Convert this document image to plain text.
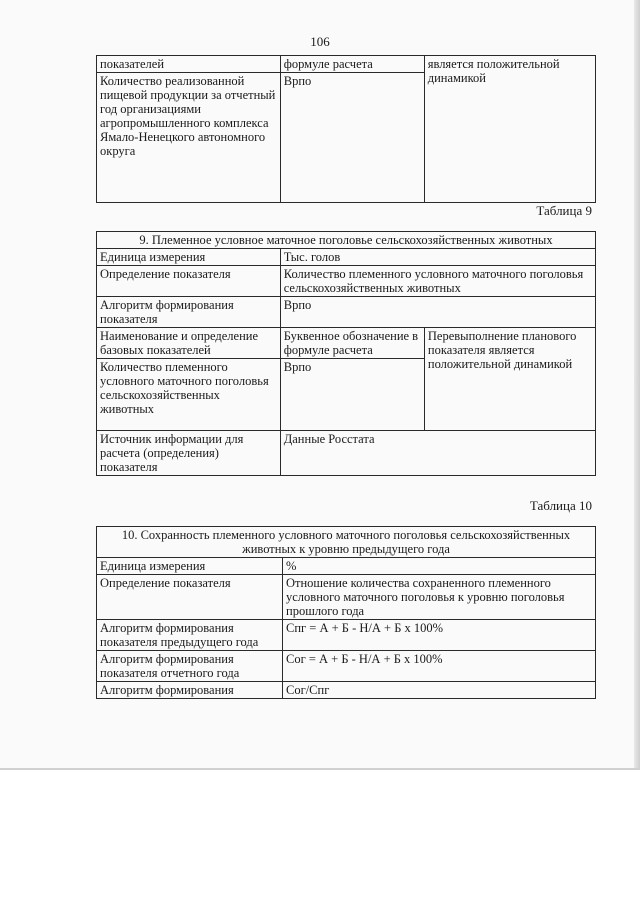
106
показателей	формуле расчета	является положительной
динамикой
Количество реализованной пищевой продукции за отчетный год организациями агропромышленного комплекса Ямало-Ненецкого автономного округа	Врпо	
Таблица 9
9. Племенное условное маточное поголовье сельскохозяйственных животных		
Единица измерения	Тыс. голов	
Определение показателя	Количество племенного условного маточного поголовья сельскохозяйственных животных	
Алгоритм формирования показателя	Врпо	
Наименование и определение базовых показателей	Буквенное обозначение в формуле расчета	Перевыполнение планового показателя является положительной динамикой
Количество племенного условного маточного поголовья сельскохозяйственных животных	Врпо	
Источник информации для расчета (определения) показателя	Данные Росстата	
Таблица 10
10. Сохранность племенного условного маточного поголовья сельскохозяйственных животных к уровню предыдущего года	
Единица измерения	%
Определение показателя	Отношение количества сохраненного племенного условного маточного поголовья к уровню поголовья прошлого года
Алгоритм формирования показателя предыдущего года	Спг = А + Б - Н/А + Б х 100%
Алгоритм формирования показателя отчетного года	Сог = А + Б - Н/А + Б х 100%
Алгоритм формирования	Сог/Спг
